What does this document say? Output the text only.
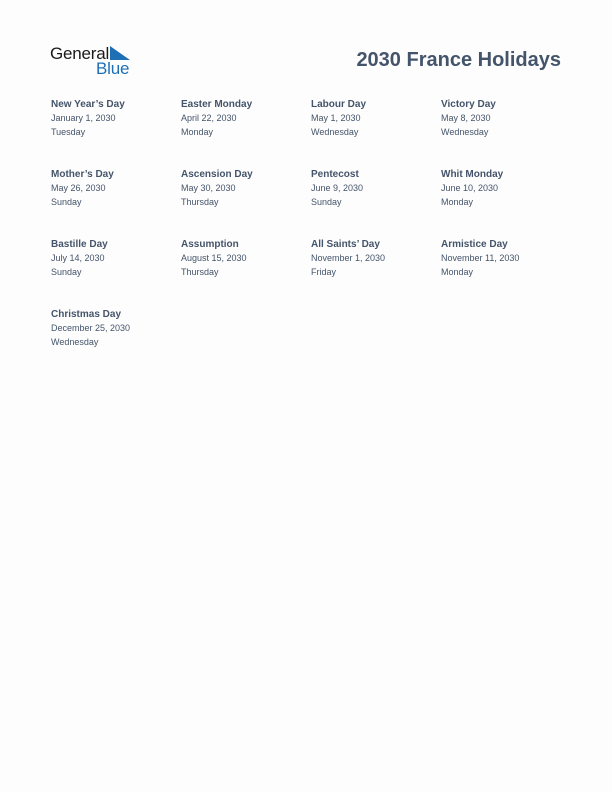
General
Blue	2030 France Holidays
New Year’s Day
January 1, 2030
Tuesday
Easter Monday
April 22, 2030
Monday
Labour Day
May 1, 2030
Wednesday
Victory Day
May 8, 2030
Wednesday
Mother’s Day
May 26, 2030
Sunday
Ascension Day
May 30, 2030
Thursday
Pentecost
June 9, 2030
Sunday
Whit Monday
June 10, 2030
Monday
Bastille Day
July 14, 2030
Sunday
Assumption
August 15, 2030
Thursday
All Saints’ Day
November 1, 2030
Friday
Armistice Day
November 11, 2030
Monday
Christmas Day
December 25, 2030
Wednesday
